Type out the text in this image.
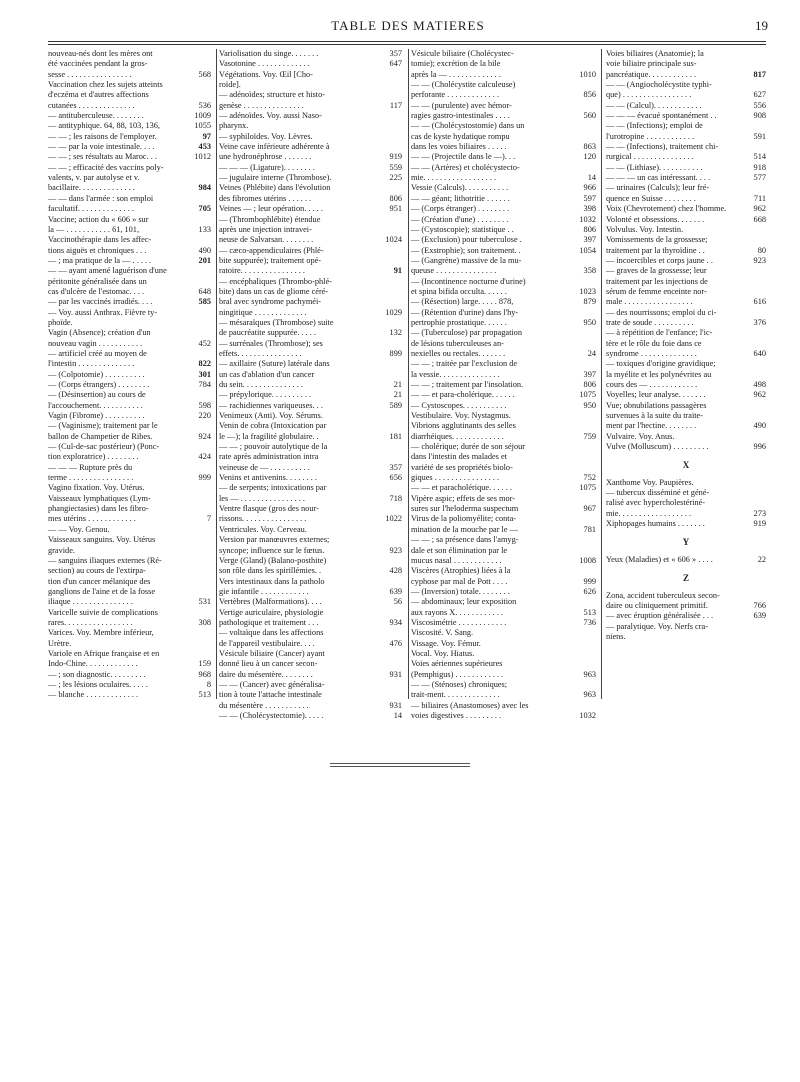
TABLE DES MATIERES	19
nouveau-nés dont les mères ont
été vaccinées pendant la gros-
sesse . . . . . . . . . . . . . . . .	568
Vaccination chez les sujets atteints
d'eczéma et d'autres affections
cutanées . . . . . . . . . . . . . .	536
— antituberculeuse. . . . . . . .	1009
— antityphique. 64, 88, 103, 136,	1055
— — ; les raisons de l'employer.	97
— — par la voie intestinale. . . .	453
— — ; ses résultats au Maroc. . .	1012
— — ; efficacité des vaccins poly-
valents, v. par autolyse et v.
bacillaire. . . . . . . . . . . . . .	984
— — dans l'armée : son emploi
facultatif. . . . . . . . . . . . . .	705
Vaccine; action du « 606 » sur
la — . . . . . . . . . . . 61, 101,	133
Vaccinothérapie dans les affec-
tions aiguës et chroniques . . .	490
— ; ma pratique de la — . . . . .	201
— — ayant amené laguérison d'une
péritonite généralisée dans un
cas d'ulcère de l'estomac. . . .	648
— par les vaccinés irradiés. . . .	585
— Voy. aussi Anthrax. Fièvre ty-
phoïde.
Vagin (Absence); création d'un
nouveau vagin . . . . . . . . . . .	452
— artificiel créé au moyen de
l'intestin . . . . . . . . . . . . . .	822
— (Colpotomie) . . . . . . . . . .	301
— (Corps étrangers) . . . . . . . .	784
— (Désinsertion) au cours de
l'accouchement. . . . . . . . . . .	598
Vagin (Fibrome) . . . . . . . . . .	220
— (Vaginisme); traitement par le
ballon de Champetier de Ribes.	924
— (Cul-de-sac postérieur) (Ponc-
tion exploratrice) . . . . . . . .	424
— — — Rupture près du
terme . . . . . . . . . . . . . . . .	999
Vagino fixation. Voy. Utérus.
Vaisseaux lymphatiques (Lym-
phangiectasies) dans les fibro-
mes utérins . . . . . . . . . . . .	7
— — Voy. Genou.
Vaisseaux sanguins. Voy. Utérus
gravide.
— sanguins iliaques externes (Ré-
section) au cours de l'extirpa-
tion d'un cancer mélanique des
ganglions de l'aine et de la fosse
iliaque . . . . . . . . . . . . . . .	531
Varicelle suivie de complications
rares. . . . . . . . . . . . . . . . .	308
Varices. Voy. Membre inférieur,
Urètre.
Variole en Afrique française et en
Indo-Chine. . . . . . . . . . . . .	159
— ; son diagnostic. . . . . . . . .	968
— ; les lésions oculaires. . . . .	8
— blanche . . . . . . . . . . . . .	513
Variolisation du singe. . . . . . .	357
Vasotonine . . . . . . . . . . . . .	647
Végétations. Voy. Œil [Cho-
roïde].
— adénoïdes; structure et histo-
genèse . . . . . . . . . . . . . . .	117
— adénoïdes. Voy. aussi Naso-
pharynx.
— syphiloïdes. Voy. Lèvres.
Veine cave inférieure adhérente à
une hydronéphrose . . . . . . .	919
— — — (Ligature). . . . . . . .	559
— jugulaire interne (Thrombose).	225
Veines (Phlébite) dans l'évolution
des fibromes utérins . . . . . .	806
Veines — ; leur opération. . . . .	951
— (Thrombophlébite) étendue
après une injection intravei-
neuse de Salvarsan. . . . . . . .	1024
— cæco-appendiculaires (Phlé-
bite suppurée); traitement opé-
ratoire. . . . . . . . . . . . . . . .	91
— encéphaliques (Thrombo-phlé-
bite) dans un cas de gliome céré-
bral avec syndrome pachyméi-
ningitique . . . . . . . . . . . . .	1029
— mésaraïques (Thrombose) suite
de paucréatite suppurée. . . . .	132
— surrénales (Thrombose); ses
effets. . . . . . . . . . . . . . . .	899
— axillaire (Suture) latérale dans
un cas d'ablation d'un cancer
du sein. . . . . . . . . . . . . . .	21
— prépylorique. . . . . . . . . .	21
— rachidiennes variqueuses. . .	589
Venimeux (Anti). Voy. Sérums.
Venin de cobra (Intoxication par
le —); la fragilité globulaire. .	181
— — ; pouvoir autolytique de la
rate après administration intra
veineuse de — . . . . . . . . . .	357
Venins et antivenins. . . . . . . .	656
— de serpents; intoxications par
les — . . . . . . . . . . . . . . . .	718
Ventre flasque (gros des nour-
rissons. . . . . . . . . . . . . . . .	1022
Ventricules. Voy. Cerveau.
Version par manœuvres externes;
syncope; influence sur le fœtus.	923
Verge (Gland) (Balano-posthite)
son rôle dans les spirillémies. .	428
Vers intestinaux dans la patholo
gie infantile . . . . . . . . . . . .	639
Vertèbres (Malformations). . . .	56
Vertige auriculaire, physiologie
pathologique et traitement . . .	934
— voltaïque dans les affections
de l'appareil vestibulaire. . . .	476
Vésicule biliaire (Cancer) ayant
donné lieu à un cancer secon-
daire du mésentère. . . . . . . .	931
— — (Cancer) avec généralisa-
tion à toute l'attache intestinale
du mésentère . . . . . . . . . . .	931
— — (Cholécystectomie). . . . .	14
Vésicule biliaire (Cholécystec-
tomie); excrétion de la bile
après la — . . . . . . . . . . . . .	1010
— — (Cholécystite calculeuse)
perforante . . . . . . . . . . . . .	856
— — (purulente) avec hémor-
ragies gastro-intestinales . . . .	560
— — (Cholécystostomie) dans un
cas de kyste hydatique rompu
dans les voies biliaires . . . . .	863
— — (Projectile dans le —). . .	120
— — (Artères) et cholécystecto-
mie. . . . . . . . . . . . . . . . . .	14
Vessie (Calculs). . . . . . . . . . .	966
— — géant; lithotritie . . . . . .	597
— (Corps étranger) . . . . . . . .	398
— (Création d'une) . . . . . . . .	1032
— (Cystoscopie); statistique . .	806
— (Exclusion) pour tuberculose .	397
— (Exstrophie); son traitement. .	1054
— (Gangrène) massive de la mu-
queuse . . . . . . . . . . . . . . .	358
— (Incontinence nocturne d'urine)
et spina bifida occulta. . . . . .	1023
— (Résection) large. . . . . 878,	879
— (Rétention d'urine) dans l'hy-
pertrophie prostatique. . . . . .	950
— (Tuberculose) par propagation
de lésions tuberculeuses an-
nexielles ou rectales. . . . . . .	24
— — ; traitée par l'exclusion de
la vessie. . . . . . . . . . . . . . .	397
— — ; traitement par l'insolation.	806
— — et para-cholérique. . . . . .	1075
— Cystoscopes. . . . . . . . . . .	950
Vestibulaire. Voy. Nystagmus.
Vibrions agglutinants des selles
diarrhéiques. . . . . . . . . . . . .	759
— cholérique; durée de son séjour
dans l'intestin des malades et
variété de ses propriétés biolo-
giques . . . . . . . . . . . . . . . .	752
— — et paracholérique. . . . . .	1075
Vipère aspic; effets de ses mor-
sures sur l'heloderma suspectum	967
Virus de la poliomyélite; conta-
mination de la mouche par le —	781
— — ; sa présence dans l'amyg-
dale et son élimination par le
mucus nasal . . . . . . . . . . . .	1008
Viscères (Atrophies) liées à la
cyphose par mal de Pott . . . .	999
— (Inversion) totale. . . . . . . .	626
— abdominaux; leur exposition
aux rayons X. . . . . . . . . . . .	513
Viscosimétrie . . . . . . . . . . . .	736
Viscosité. V. Sang.
Vissage. Voy. Fémur.
Vocal. Voy. Hiatus.
Voies aériennes supérieures
(Pemphigus) . . . . . . . . . . . .	963
— — (Sténoses) chroniques;
trait-ment. . . . . . . . . . . . . .	963
— biliaires (Anastomoses) avec les
voies digestives . . . . . . . . .	1032
Voies biliaires (Anatomie); la
voie biliaire principale sus-
pancréatique. . . . . . . . . . . .	817
— — (Angiocholécystite typhi-
que) . . . . . . . . . . . . . . . . .	627
— — (Calcul). . . . . . . . . . . .	556
— — — évacué spontanément . .	908
— — (Infections); emploi de
l'urotropine . . . . . . . . . . . .	591
— — (Infections), traitement chi-
rurgical . . . . . . . . . . . . . . .	514
— — (Lithiase). . . . . . . . . . .	918
— — — un cas intéressant. . . .	577
— urinaires (Calculs); leur fré-
quence en Suisse . . . . . . . .	711
Voix (Chevrotement) chez l'homme.	962
Volonté et obsessions. . . . . . .	668
Volvulus. Voy. Intestin.
Vomissements de la grossesse;
traitement par la thyroïdine . .	80
— incoercibles et corps jaune . .	923
— graves de la grossesse; leur
traitement par les injections de
sérum de femme enceinte nor-
male . . . . . . . . . . . . . . . . .	616
— des nourrissons; emploi du ci-
trate de soude . . . . . . . . . .	376
— à répétition de l'enfance; l'ic-
tère et le rôle du foie dans ce
syndrome . . . . . . . . . . . . . .	640
— toxiques d'origine gravidique;
la myélite et les polynévrites au
cours des — . . . . . . . . . . . .	498
Voyelles; leur analyse. . . . . . .	962
Vue; obnubilations passagères
survenues à la suite du traite-
ment par l'hectine. . . . . . . .	490
Vulvaire. Voy. Anus.
Vulve (Molluscum) . . . . . . . . .	996
X
Xanthome Voy. Paupières.
— tubercux disséminé et géné-
ralisé avec hypercholestériné-
mie. . . . . . . . . . . . . . . . . .	273
Xiphopages humains . . . . . . .	919
Y
Yeux (Maladies) et « 606 » . . . .	22
Z
Zona, accident tuberculeux secon-
daire ou cliniquement primitif.	766
— avec éruption généralisée . . .	639
— paralytique. Voy. Nerfs cra-
niens.
